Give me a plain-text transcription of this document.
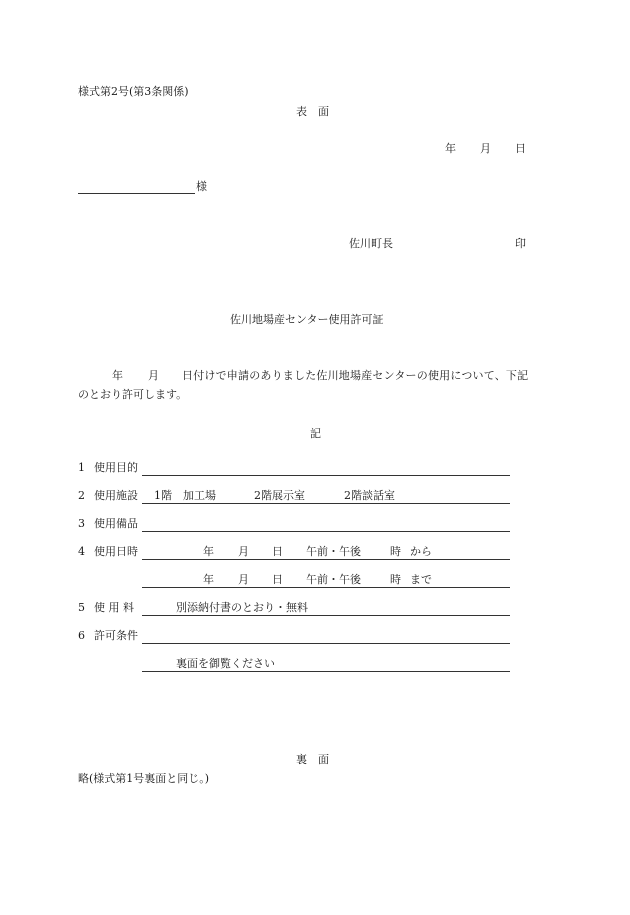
様式第2号(第3条関係)
表　面
年 月 日
様
佐川町長	印
佐川地場産センター使用許可証
年 月 日付けで申請のありました佐川地場産センターの使用について、下記
のとおり許可します。
記
1 使用目的
2 使用施設 1階　加工場	2階展示室	2階談話室
3 使用備品
4 使用日時	年 月 日 午前・午後	時 から
年 月 日 午前・午後	時 まで
5 使 用 料	別添納付書のとおり・無料
6 許可条件
裏面を御覧ください
裏　面
略(様式第1号裏面と同じ。)
